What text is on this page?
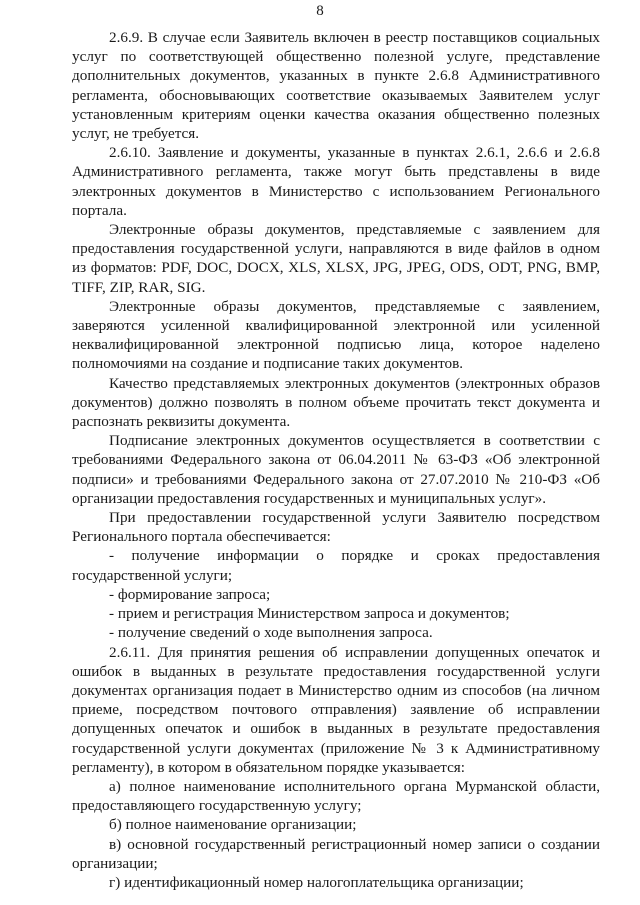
8

2.6.9. В случае если Заявитель включен в реестр поставщиков социальных услуг по соответствующей общественно полезной услуге, представление дополнительных документов, указанных в пункте 2.6.8 Административного регламента, обосновывающих соответствие оказываемых Заявителем услуг установленным критериям оценки качества оказания общественно полезных услуг, не требуется.

2.6.10. Заявление и документы, указанные в пунктах 2.6.1, 2.6.6 и 2.6.8 Административного регламента, также могут быть представлены в виде электронных документов в Министерство с использованием Регионального портала.

Электронные образы документов, представляемые с заявлением для предоставления государственной услуги, направляются в виде файлов в одном из форматов: PDF, DOC, DOCX, XLS, XLSX, JPG, JPEG, ODS, ODT, PNG, BMP, TIFF, ZIP, RAR, SIG.

Электронные образы документов, представляемые с заявлением, заверяются усиленной квалифицированной электронной или усиленной неквалифицированной электронной подписью лица, которое наделено полномочиями на создание и подписание таких документов.

Качество представляемых электронных документов (электронных образов документов) должно позволять в полном объеме прочитать текст документа и распознать реквизиты документа.

Подписание электронных документов осуществляется в соответствии с требованиями Федерального закона от 06.04.2011 № 63-ФЗ «Об электронной подписи» и требованиями Федерального закона от 27.07.2010 № 210-ФЗ «Об организации предоставления государственных и муниципальных услуг».

При предоставлении государственной услуги Заявителю посредством Регионального портала обеспечивается:

- получение информации о порядке и сроках предоставления государственной услуги;

- формирование запроса;

- прием и регистрация Министерством запроса и документов;

- получение сведений о ходе выполнения запроса.

2.6.11. Для принятия решения об исправлении допущенных опечаток и ошибок в выданных в результате предоставления государственной услуги документах организация подает в Министерство одним из способов (на личном приеме, посредством почтового отправления) заявление об исправлении допущенных опечаток и ошибок в выданных в результате предоставления государственной услуги документах (приложение № 3 к Административному регламенту), в котором в обязательном порядке указывается:

а) полное наименование исполнительного органа Мурманской области, предоставляющего государственную услугу;

б) полное наименование организации;

в) основной государственный регистрационный номер записи о создании организации;

г) идентификационный номер налогоплательщика организации;
